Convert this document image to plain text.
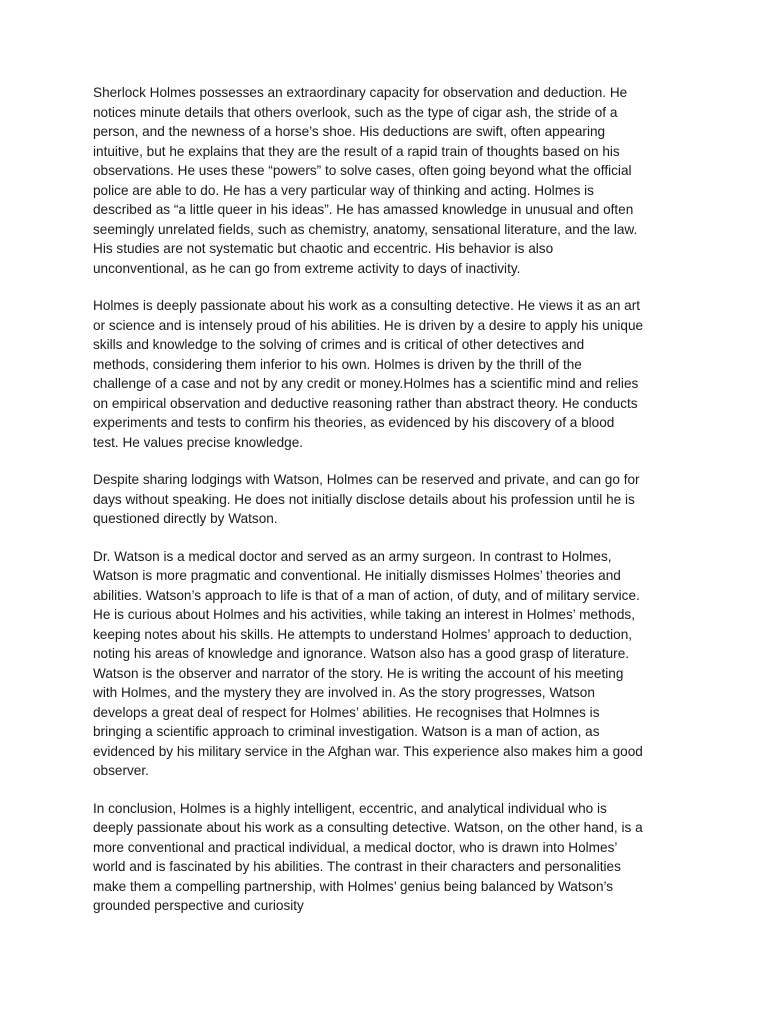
Sherlock Holmes possesses an extraordinary capacity for observation and deduction. He
notices minute details that others overlook, such as the type of cigar ash, the stride of a
person, and the newness of a horse’s shoe. His deductions are swift, often appearing
intuitive, but he explains that they are the result of a rapid train of thoughts based on his
observations. He uses these “powers” to solve cases, often going beyond what the official
police are able to do. He has a very particular way of thinking and acting. Holmes is
described as “a little queer in his ideas”. He has amassed knowledge in unusual and often
seemingly unrelated fields, such as chemistry, anatomy, sensational literature, and the law.
His studies are not systematic but chaotic and eccentric. His behavior is also
unconventional, as he can go from extreme activity to days of inactivity.

Holmes is deeply passionate about his work as a consulting detective. He views it as an art
or science and is intensely proud of his abilities. He is driven by a desire to apply his unique
skills and knowledge to the solving of crimes and is critical of other detectives and
methods, considering them inferior to his own. Holmes is driven by the thrill of the
challenge of a case and not by any credit or money.Holmes has a scientific mind and relies
on empirical observation and deductive reasoning rather than abstract theory. He conducts
experiments and tests to confirm his theories, as evidenced by his discovery of a blood
test. He values precise knowledge.

Despite sharing lodgings with Watson, Holmes can be reserved and private, and can go for
days without speaking. He does not initially disclose details about his profession until he is
questioned directly by Watson.

Dr. Watson is a medical doctor and served as an army surgeon. In contrast to Holmes,
Watson is more pragmatic and conventional. He initially dismisses Holmes’ theories and
abilities. Watson’s approach to life is that of a man of action, of duty, and of military service.
He is curious about Holmes and his activities, while taking an interest in Holmes’ methods,
keeping notes about his skills. He attempts to understand Holmes’ approach to deduction,
noting his areas of knowledge and ignorance. Watson also has a good grasp of literature.
Watson is the observer and narrator of the story. He is writing the account of his meeting
with Holmes, and the mystery they are involved in. As the story progresses, Watson
develops a great deal of respect for Holmes’ abilities. He recognises that Holmnes is
bringing a scientific approach to criminal investigation. Watson is a man of action, as
evidenced by his military service in the Afghan war. This experience also makes him a good
observer.

In conclusion, Holmes is a highly intelligent, eccentric, and analytical individual who is
deeply passionate about his work as a consulting detective. Watson, on the other hand, is a
more conventional and practical individual, a medical doctor, who is drawn into Holmes’
world and is fascinated by his abilities. The contrast in their characters and personalities
make them a compelling partnership, with Holmes’ genius being balanced by Watson’s
grounded perspective and curiosity
